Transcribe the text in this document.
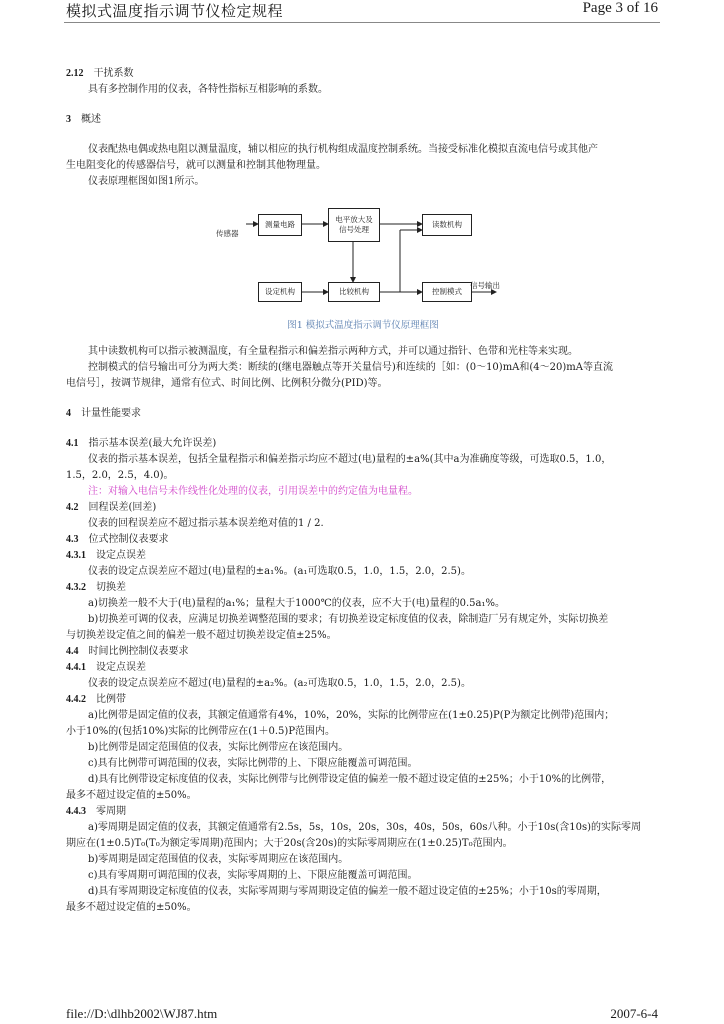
模拟式温度指示调节仪检定规程	Page 3 of 16

2.12 干扰系数

具有多控制作用的仪表，各特性指标互相影响的系数。

3 概述

仪表配热电偶或热电阻以测量温度，辅以相应的执行机构组成温度控制系统。当接受标准化模拟直流电信号或其他产

生电阻变化的传感器信号，就可以测量和控制其他物理量。

仪表原理框图如图1所示。

传感器
测量电路
电平放大及
信号处理
读数机构
设定机构	比较机构	控制模式
信号输出
图1 模拟式温度指示调节仪原理框图

其中读数机构可以指示被测温度，有全量程指示和偏差指示两种方式，并可以通过指针、色带和光柱等来实现。

控制模式的信号输出可分为两大类：断续的(继电器触点等开关量信号)和连续的［如：(0～10)mA和(4～20)mA等直流

电信号］，按调节规律，通常有位式、时间比例、比例积分微分(PID)等。

4 计量性能要求

4.1 指示基本误差(最大允许误差)

仪表的指示基本误差，包括全量程指示和偏差指示均应不超过(电)量程的±a%(其中a为准确度等级，可选取0.5，1.0，

1.5，2.0，2.5，4.0)。

注：对输入电信号未作线性化处理的仪表，引用误差中的约定值为电量程。

4.2 回程误差(回差)

仪表的回程误差应不超过指示基本误差绝对值的1 / 2.

4.3 位式控制仪表要求

4.3.1 设定点误差

仪表的设定点误差应不超过(电)量程的±a₁%。(a₁可选取0.5，1.0，1.5，2.0，2.5)。

4.3.2 切换差

a)切换差一般不大于(电)量程的a₁%；量程大于1000℃的仪表，应不大于(电)量程的0.5a₁%。

b)切换差可调的仪表，应满足切换差调整范围的要求；有切换差设定标度值的仪表，除制造厂另有规定外，实际切换差

与切换差设定值之间的偏差一般不超过切换差设定值±25%。

4.4 时间比例控制仪表要求

4.4.1 设定点误差

仪表的设定点误差应不超过(电)量程的±a₂%。(a₂可选取0.5，1.0，1.5，2.0，2.5)。

4.4.2 比例带

a)比例带是固定值的仪表，其额定值通常有4%，10%，20%，实际的比例带应在(1±0.25)P(P为额定比例带)范围内；

小于10%的(包括10%)实际的比例带应在(1＋0.5)P范围内。

b)比例带是固定范围值的仪表，实际比例带应在该范围内。

c)具有比例带可调范围的仪表，实际比例带的上、下限应能覆盖可调范围。

d)具有比例带设定标度值的仪表，实际比例带与比例带设定值的偏差一般不超过设定值的±25%；小于10%的比例带，

最多不超过设定值的±50%。

4.4.3 零周期

a)零周期是固定值的仪表，其额定值通常有2.5s，5s，10s，20s，30s，40s，50s，60s八种。小于10s(含10s)的实际零周

期应在(1±0.5)T₀(T₀为额定零周期)范围内；大于20s(含20s)的实际零周期应在(1±0.25)T₀范围内。

b)零周期是固定范围值的仪表，实际零周期应在该范围内。

c)具有零周期可调范围的仪表，实际零周期的上、下限应能覆盖可调范围。

d)具有零周期设定标度值的仪表，实际零周期与零周期设定值的偏差一般不超过设定值的±25%；小于10s的零周期，

最多不超过设定值的±50%。

file://D:\dlhb2002\WJ87.htm	2007-6-4
